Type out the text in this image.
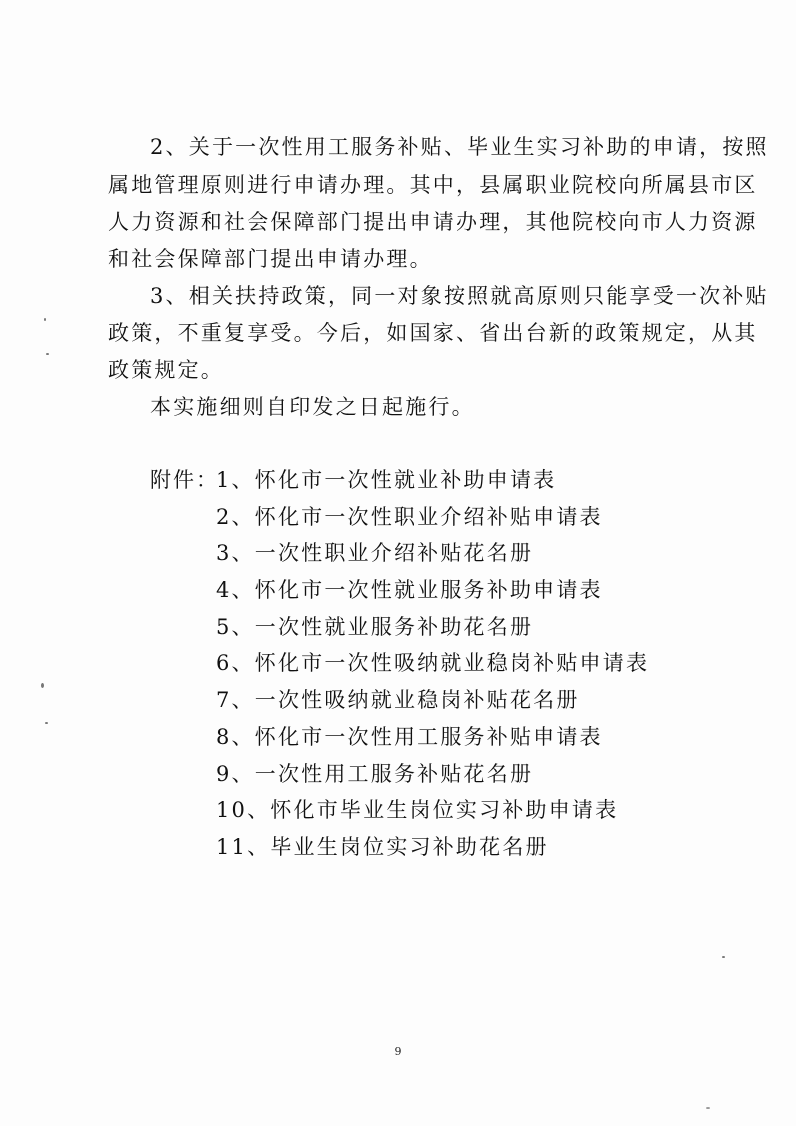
2、关于一次性用工服务补贴、毕业生实习补助的申请，按照
属地管理原则进行申请办理。其中，县属职业院校向所属县市区
人力资源和社会保障部门提出申请办理，其他院校向市人力资源
和社会保障部门提出申请办理。
3、相关扶持政策，同一对象按照就高原则只能享受一次补贴
政策，不重复享受。今后，如国家、省出台新的政策规定，从其
政策规定。
本实施细则自印发之日起施行。
附件：
1、怀化市一次性就业补助申请表
2、怀化市一次性职业介绍补贴申请表
3、一次性职业介绍补贴花名册
4、怀化市一次性就业服务补助申请表
5、一次性就业服务补助花名册
6、怀化市一次性吸纳就业稳岗补贴申请表
7、一次性吸纳就业稳岗补贴花名册
8、怀化市一次性用工服务补贴申请表
9、一次性用工服务补贴花名册
10、怀化市毕业生岗位实习补助申请表
11、毕业生岗位实习补助花名册
9
